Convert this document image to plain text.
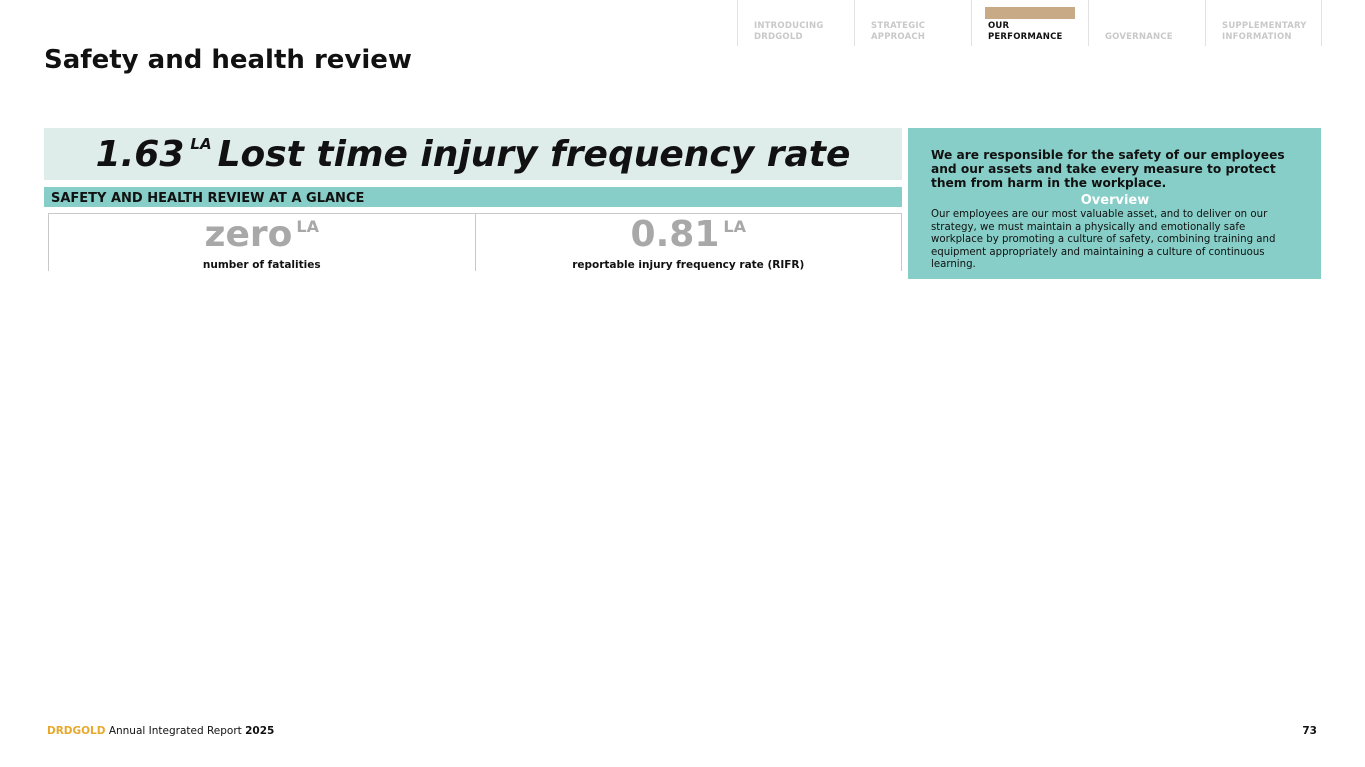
INTRODUCING DRDGOLD
STRATEGIC APPROACH
OUR PERFORMANCE	GOVERNANCE
SUPPLEMENTARY INFORMATION
Safety and health review
1.63 LA Lost time injury frequency rate
SAFETY AND HEALTH REVIEW AT A GLANCE
zero $^{LA}$
number of fatalities
0.81 $^{LA}$
reportable injury frequency rate (RIFR)

We are responsible for the safety of our employees and our assets and take every measure to protect them from harm in the workplace.

Overview

Our employees are our most valuable asset, and to deliver on our strategy, we must maintain a physically and emotionally safe workplace by promoting a culture of safety, combining training and equipment appropriately and maintaining a culture of continuous learning.

DRDGOLD Annual Integrated Report 2025	73
